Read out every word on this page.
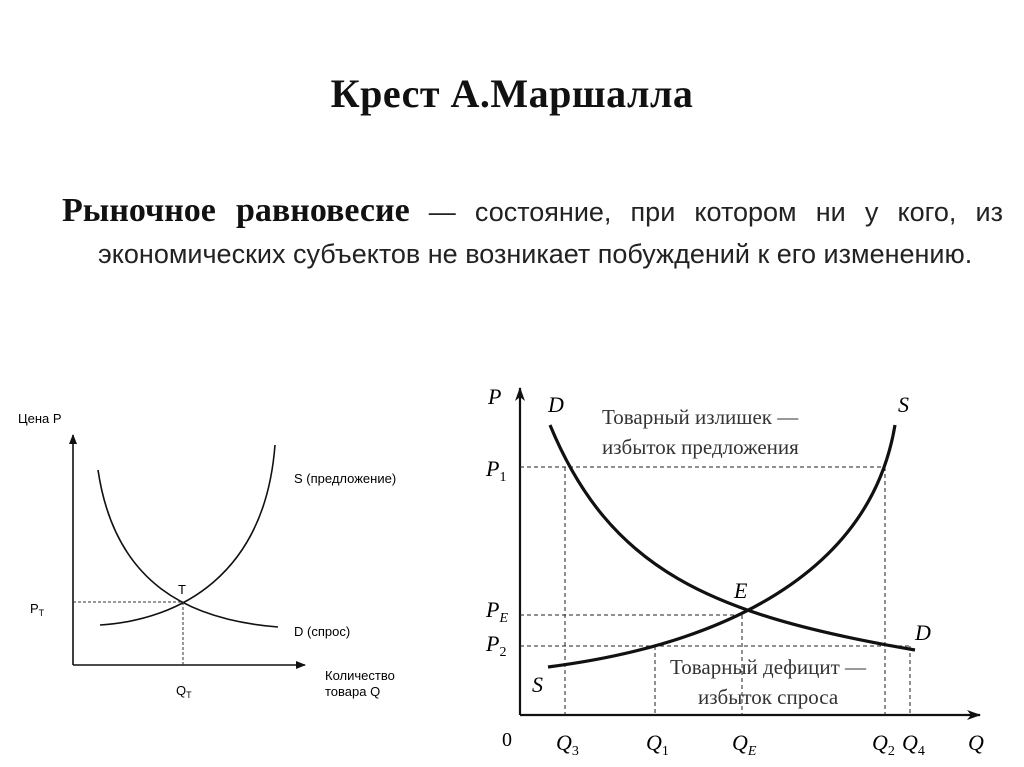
Крест А.Маршалла
Рыночное равновесие — состояние, при котором ни у кого, из экономических субъектов не возникает побуждений к его изменению.
Цена Р
S (предложение)
D (спрос)
T
$P_T$
$Q_T$
Количество
товара Q
P
Q
0
D	S
D
S
E
Товарный излишек —
избыток предложения
Товарный дефицит —
избыток спроса
$P_1$
$P_E$
$P_2$
$Q_3$	$Q_1$	$Q_E$	$Q_2$ $Q_4$
